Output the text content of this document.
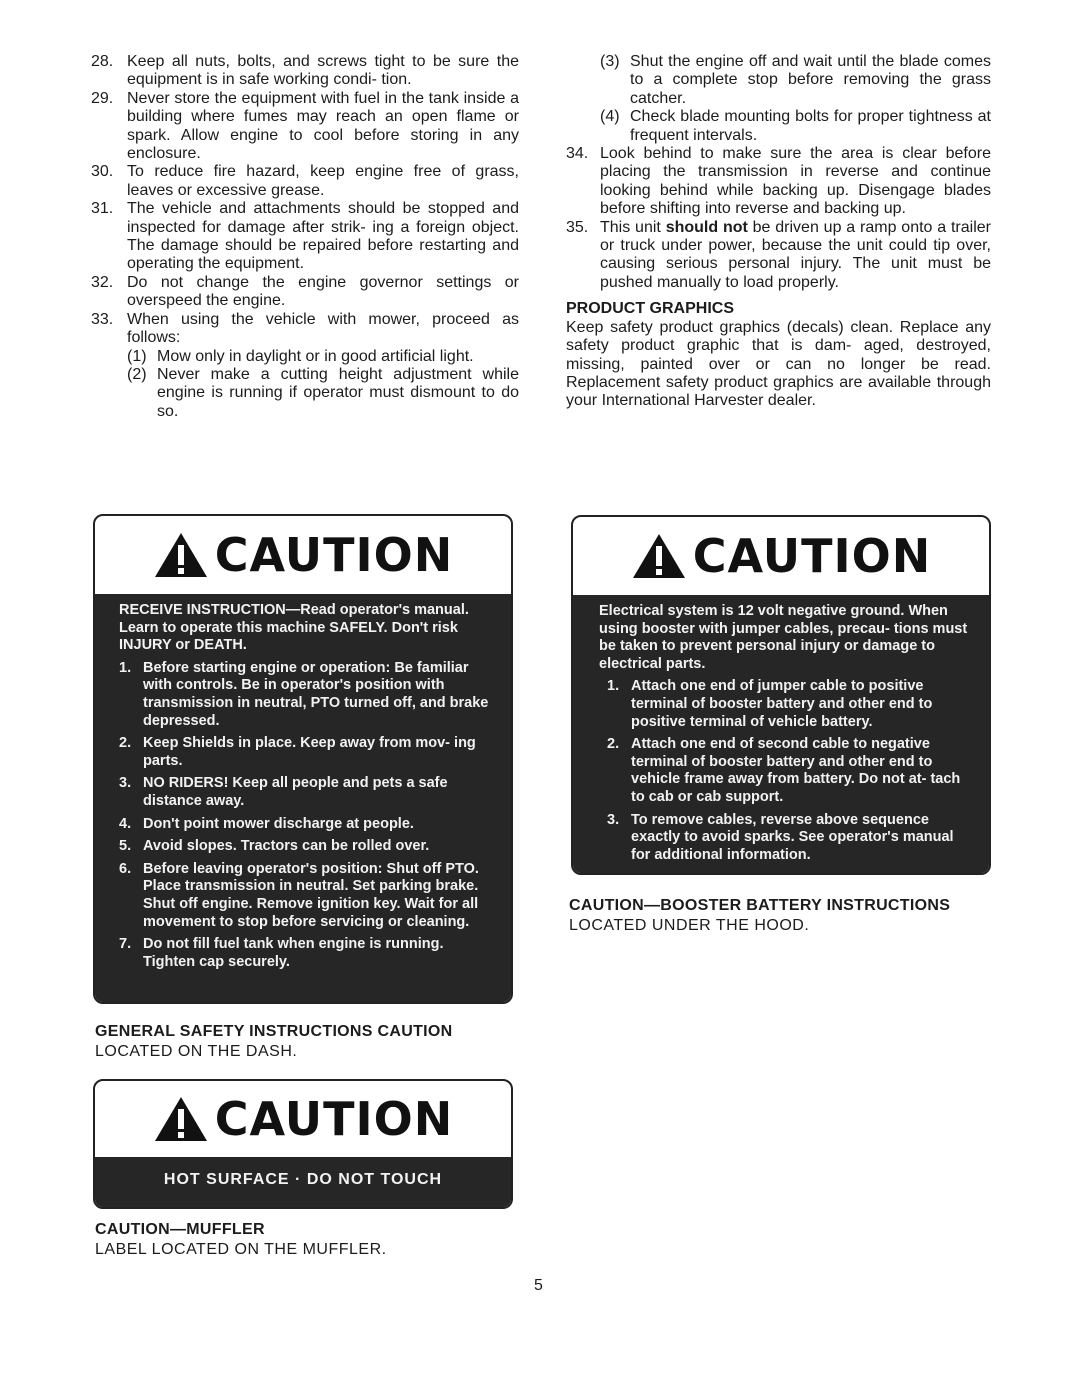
28. Keep all nuts, bolts, and screws tight to be sure the equipment is in safe working condi- tion.
29. Never store the equipment with fuel in the tank inside a building where fumes may reach an open flame or spark. Allow engine to cool before storing in any enclosure.
30. To reduce fire hazard, keep engine free of grass, leaves or excessive grease.
31. The vehicle and attachments should be stopped and inspected for damage after strik- ing a foreign object. The damage should be repaired before restarting and operating the equipment.
32. Do not change the engine governor settings or overspeed the engine.
33. When using the vehicle with mower, proceed as follows:
(1) Mow only in daylight or in good artificial light.
(2) Never make a cutting height adjustment while engine is running if operator must dismount to do so.
(3) Shut the engine off and wait until the blade comes to a complete stop before removing the grass catcher.
(4) Check blade mounting bolts for proper tightness at frequent intervals.
34. Look behind to make sure the area is clear before placing the transmission in reverse and continue looking behind while backing up. Disengage blades before shifting into reverse and backing up.
35. This unit should not be driven up a ramp onto a trailer or truck under power, because the unit could tip over, causing serious personal injury. The unit must be pushed manually to load properly.
PRODUCT GRAPHICS
Keep safety product graphics (decals) clean. Replace any safety product graphic that is dam- aged, destroyed, missing, painted over or can no longer be read. Replacement safety product graphics are available through your International Harvester dealer.
CAUTION
RECEIVE INSTRUCTION—Read operator's manual. Learn to operate this machine SAFELY. Don't risk INJURY or DEATH.
1. Before starting engine or operation: Be familiar with controls. Be in operator's position with transmission in neutral, PTO turned off, and brake depressed.
2. Keep Shields in place. Keep away from mov- ing parts.
3. NO RIDERS! Keep all people and pets a safe distance away.
4. Don't point mower discharge at people.
5. Avoid slopes. Tractors can be rolled over.
6. Before leaving operator's position: Shut off PTO. Place transmission in neutral. Set parking brake. Shut off engine. Remove ignition key. Wait for all movement to stop before servicing or cleaning.
7. Do not fill fuel tank when engine is running. Tighten cap securely.
GENERAL SAFETY INSTRUCTIONS CAUTION
LOCATED ON THE DASH.
CAUTION
HOT SURFACE · DO NOT TOUCH
CAUTION—MUFFLER
LABEL LOCATED ON THE MUFFLER.
CAUTION
Electrical system is 12 volt negative ground. When using booster with jumper cables, precau- tions must be taken to prevent personal injury or damage to electrical parts.
1. Attach one end of jumper cable to positive terminal of booster battery and other end to positive terminal of vehicle battery.
2. Attach one end of second cable to negative terminal of booster battery and other end to vehicle frame away from battery. Do not at- tach to cab or cab support.
3. To remove cables, reverse above sequence exactly to avoid sparks. See operator's manual for additional information.
CAUTION—BOOSTER BATTERY INSTRUCTIONS
LOCATED UNDER THE HOOD.
5
